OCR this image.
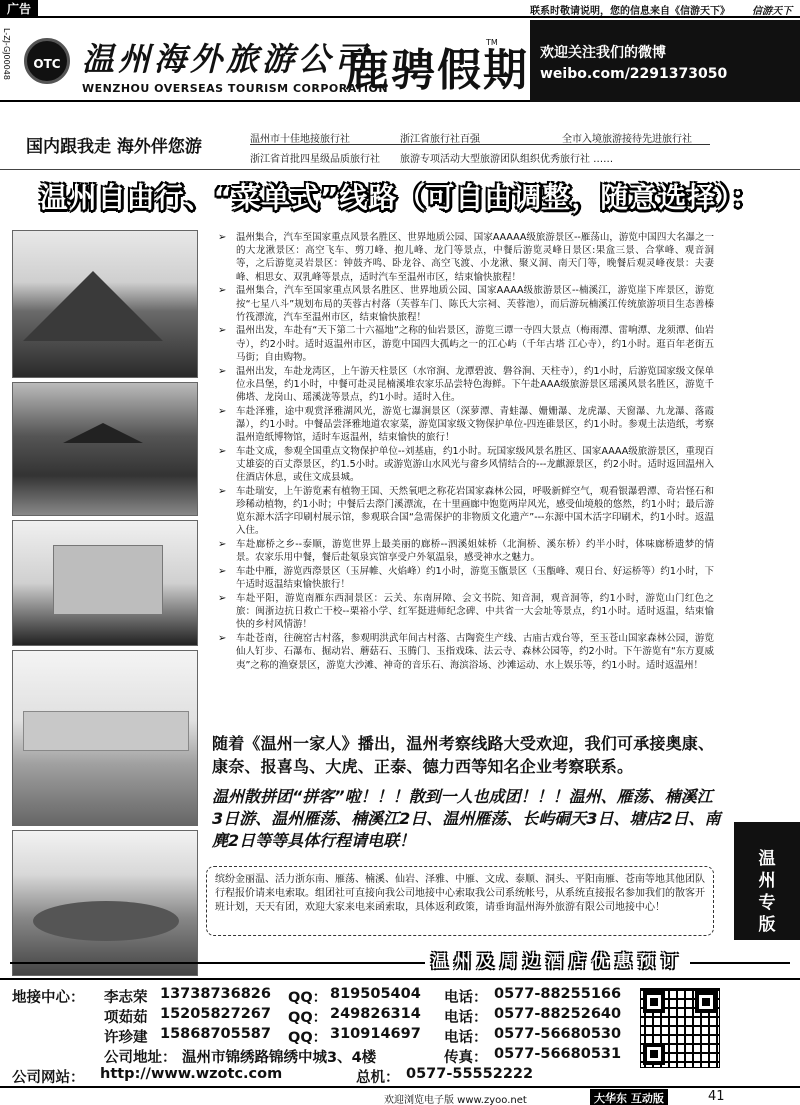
广告	联系时敬请说明，您的信息来自《信游天下》 信游天下
L-ZJ-GJ00048	OTC 温州海外旅游公司
WENZHOU OVERSEAS TOURISM CORPORATION
鹿骋假期
TM
欢迎关注我们的微博
weibo.com/2291373050
国内跟我走 海外伴您游	温州市十佳地接旅行社	浙江省旅行社百强	全市入境旅游接待先进旅行社
浙江省首批四星级品质旅行社 旅游专项活动大型旅游团队组织优秀旅行社 ……
温州自由行、“菜单式”线路（可自由调整，随意选择）：
➢ 温州集合，汽车至国家重点风景名胜区、世界地质公园、国家AAAAA级旅游景区--雁荡山，游览中国四大名瀑之一的大龙湫景区：高空飞车、剪刀峰、抱儿峰、龙门等景点，中餐后游览灵峰日景区:果盒三景、合掌峰、观音洞等，之后游览灵岩景区：钟鼓齐鸣、卧龙谷、高空飞渡、小龙湫、聚义洞、南天门等，晚餐后观灵峰夜景：夫妻峰、相思女、双乳峰等景点，适时汽车至温州市区，结束愉快旅程！
➢ 温州集合，汽车至国家重点风景名胜区、世界地质公园、国家AAAA级旅游景区--楠溪江，游览崖下库景区，游览按“七星八斗”规划布局的芙蓉古村落（芙蓉车门、陈氏大宗祠、芙蓉池），而后游玩楠溪江传统旅游项目生态善榛竹筏漂流，汽车至温州市区，结束愉快旅程！
➢ 温州出发，车赴有“天下第二十六福地”之称的仙岩景区，游览三谭一寺四大景点（梅雨潭、雷响潭、龙须潭、仙岩寺），约2小时。适时返温州市区，游览中国四大孤屿之一的江心屿（千年古塔 江心寺），约1小时。逛百年老街五马街；自由购物。
➢ 温州出发，车赴龙湾区，上午游天柱景区（水帘涧、龙潭碧波、磐谷涧、天柱寺），约1小时，后游览国家级文保单位永昌堡，约1小时，中餐可赴灵昆楠溪堆农家乐品尝特色海鲜。下午赴AAA级旅游景区瑶溪风景名胜区，游览千佛塔、龙岗山、瑶溪泷等景点，约1小时。适时入住。
➢ 车赴泽雅，途中观赏泽雅湖风光，游览七瀑涧景区（深萝潭、青蛙瀑、姗姗瀑、龙虎瀑、天窗瀑、九龙瀑、落霞瀑），约1小时。中餐品尝泽雅地道农家菜，游览国家级文物保护单位-四连碓景区，约1小时。参观土法造纸，考察温州造纸博物馆，适时车返温州，结束愉快的旅行！
➢ 车赴文成，参观全国重点文物保护单位--刘基庙，约1小时。玩国家级风景名胜区、国家AAAA级旅游景区，重现百丈雄姿的百丈漈景区，约1.5小时。或游览游山水风光与畲乡风情结合的---龙麒源景区，约2小时。适时返回温州入住酒店休息，或住文成县城。
➢ 车赴瑞安，上午游览素有植物王国、天然氧吧之称花岩国家森林公园，呼吸新鲜空气，观看银瀑碧潭、奇岩怪石和珍稀动植物，约1小时；中餐后去漈门溪漂流，在十里画廊中饱览两岸风光，感受仙境般的悠然，约1小时；最后游览东源木活字印刷村展示馆，参观联合国“急需保护的非物质文化遗产”---东源中国木活字印刷术，约1小时。返温入住。
➢ 车赴廊桥之乡--泰顺，游览世界上最美丽的廊桥--泗溪姐妹桥（北涧桥、溪东桥）约半小时，体味廊桥遗梦的情景。农家乐用中餐，餐后赴氡泉宾馆享受户外氡温泉，感受神水之魅力。
➢ 车赴中雁，游览西漈景区（玉屏帷、火焰峰）约1小时，游览玉甑景区（玉甑峰、观日台、好运桥等）约1小时，下午适时返温结束愉快旅行！
➢ 车赴平阳，游览南雁东西洞景区：云关、东南屏障、会文书院、知音洞，观音洞等，约1小时，游览山门红色之旅：闽浙边抗日救亡干校--栗裕小学、红军挺进师纪念碑、中共省一大会址等景点，约1小时。适时返温，结束愉快的乡村风情游！
➢ 车赴苍南，往碗窑古村落，参观明洪武年间古村落、古陶瓷生产线、古庙古戏台等，至玉苍山国家森林公园，游览仙人钉步、石瀑布、掘动岩、蘑菇石、玉腾门、玉指戏珠、法云寺、森林公园等，约2小时。下午游览有“东方夏威夷”之称的渔寮景区，游览大沙滩、神奇的音乐石、海滨浴场、沙滩运动、水上娱乐等，约1小时。适时返温州！
随着《温州一家人》播出，温州考察线路大受欢迎，我们可承接奥康、康奈、报喜鸟、大虎、正泰、德力西等知名企业考察联系。
温州散拼团“拼客”啦！！！散到一人也成团！！！温州、雁荡、楠溪江3日游、温州雁荡、楠溪江2日、温州雁荡、长屿硐天3日、塘店2日、南麂2日等等具体行程请电联！
温州专版
缤纷金丽温、活力浙东南、雁荡、楠溪、仙岩、泽雅、中雁、文成、泰顺、洞头、平阳南雁、苍南等地其他团队行程报价请来电索取。组团社可直接向我公司地接中心索取我公司系统帐号，从系统直接报名参加我们的散客开班计划，天天有团，欢迎大家来电来函索取，具体返利政策，请垂询温州海外旅游有限公司地接中心！
温州及周边酒店优惠预订
地接中心： 李志荣 13738736826 QQ： 819505404 电话： 0577-88255166
项茹茹 15205827267 QQ： 249826314 电话： 0577-88252640
许珍建 15868705587 QQ： 310914697 电话： 0577-56680530
公司地址： 温州市锦绣路锦绣中城3、4楼	传真： 0577-56680531
公司网站： http://www.wzotc.com	总机： 0577-55552222
欢迎浏览电子版 www.zyoo.net	大华东 互动版	41
